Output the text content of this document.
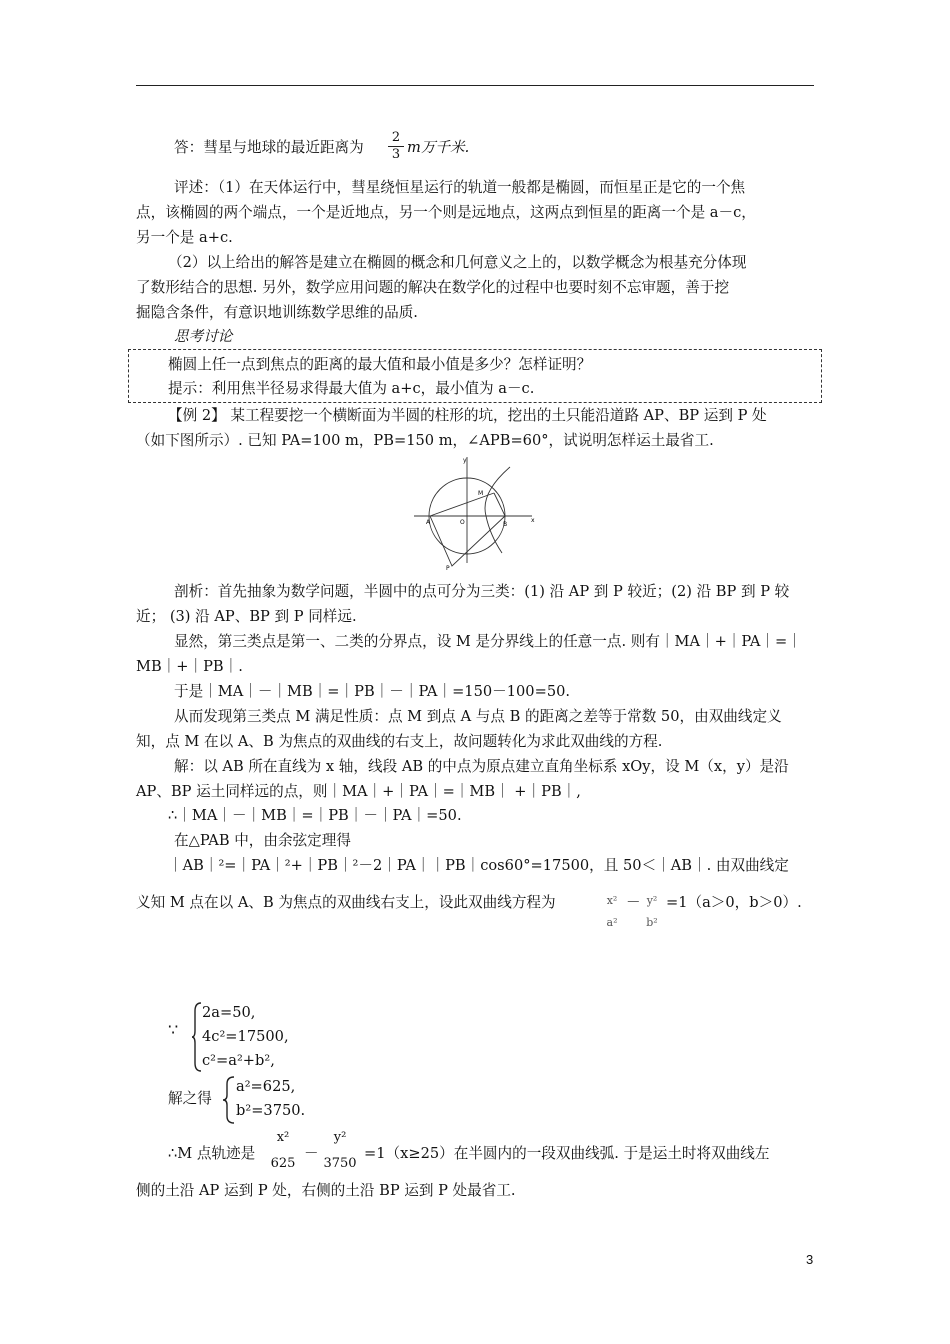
答：彗星与地球的最近距离为 $\frac{2}{3}$ m万千米.
评述：（1）在天体运行中，彗星绕恒星运行的轨道一般都是椭圆，而恒星正是它的一个焦
点，该椭圆的两个端点，一个是近地点，另一个则是远地点，这两点到恒星的距离一个是 a－c，
另一个是 a+c.
（2）以上给出的解答是建立在椭圆的概念和几何意义之上的，以数学概念为根基充分体现
了数形结合的思想. 另外，数学应用问题的解决在数学化的过程中也要时刻不忘审题，善于挖
掘隐含条件，有意识地训练数学思维的品质.
思考讨论
椭圆上任一点到焦点的距离的最大值和最小值是多少？怎样证明？
提示：利用焦半径易求得最大值为 a+c，最小值为 a－c.
【例 2】 某工程要挖一个横断面为半圆的柱形的坑，挖出的土只能沿道路 AP、BP 运到 P 处
（如下图所示）. 已知 PA=100 m，PB=150 m，∠APB=60°，试说明怎样运土最省工.
y
x
M
A	O	B
P
剖析：首先抽象为数学问题，半圆中的点可分为三类：(1) 沿 AP 到 P 较近；(2) 沿 BP 到 P 较
近； (3) 沿 AP、BP 到 P 同样远.
显然，第三类点是第一、二类的分界点，设 M 是分界线上的任意一点. 则有｜MA｜+｜PA｜=｜
MB｜+｜PB｜.
于是｜MA｜－｜MB｜=｜PB｜－｜PA｜=150－100=50.
从而发现第三类点 M 满足性质：点 M 到点 A 与点 B 的距离之差等于常数 50，由双曲线定义
知，点 M 在以 A、B 为焦点的双曲线的右支上，故问题转化为求此双曲线的方程.
解：以 AB 所在直线为 x 轴，线段 AB 的中点为原点建立直角坐标系 xOy，设 M（x，y）是沿
AP、BP 运土同样远的点，则｜MA｜+｜PA｜=｜MB｜ +｜PB｜,
∴｜MA｜－｜MB｜=｜PB｜－｜PA｜=50.
在△PAB 中，由余弦定理得
｜AB｜²=｜PA｜²+｜PB｜²－2｜PA｜｜PB｜cos60°=17500，且 50＜｜AB｜. 由双曲线定
义知 M 点在以 A、B 为焦点的双曲线右支上，设此双曲线方程为	x²
a²
－ y²
b²
=1（a＞0，b＞0）.
∵
2a=50,
4c²=17500,
c²=a²+b²,
解之得
a²=625,
b²=3750.
∴M 点轨迹是
x²
625
－
y²
3750
=1（x≥25）在半圆内的一段双曲线弧. 于是运土时将双曲线左
侧的土沿 AP 运到 P 处，右侧的土沿 BP 运到 P 处最省工.
3
